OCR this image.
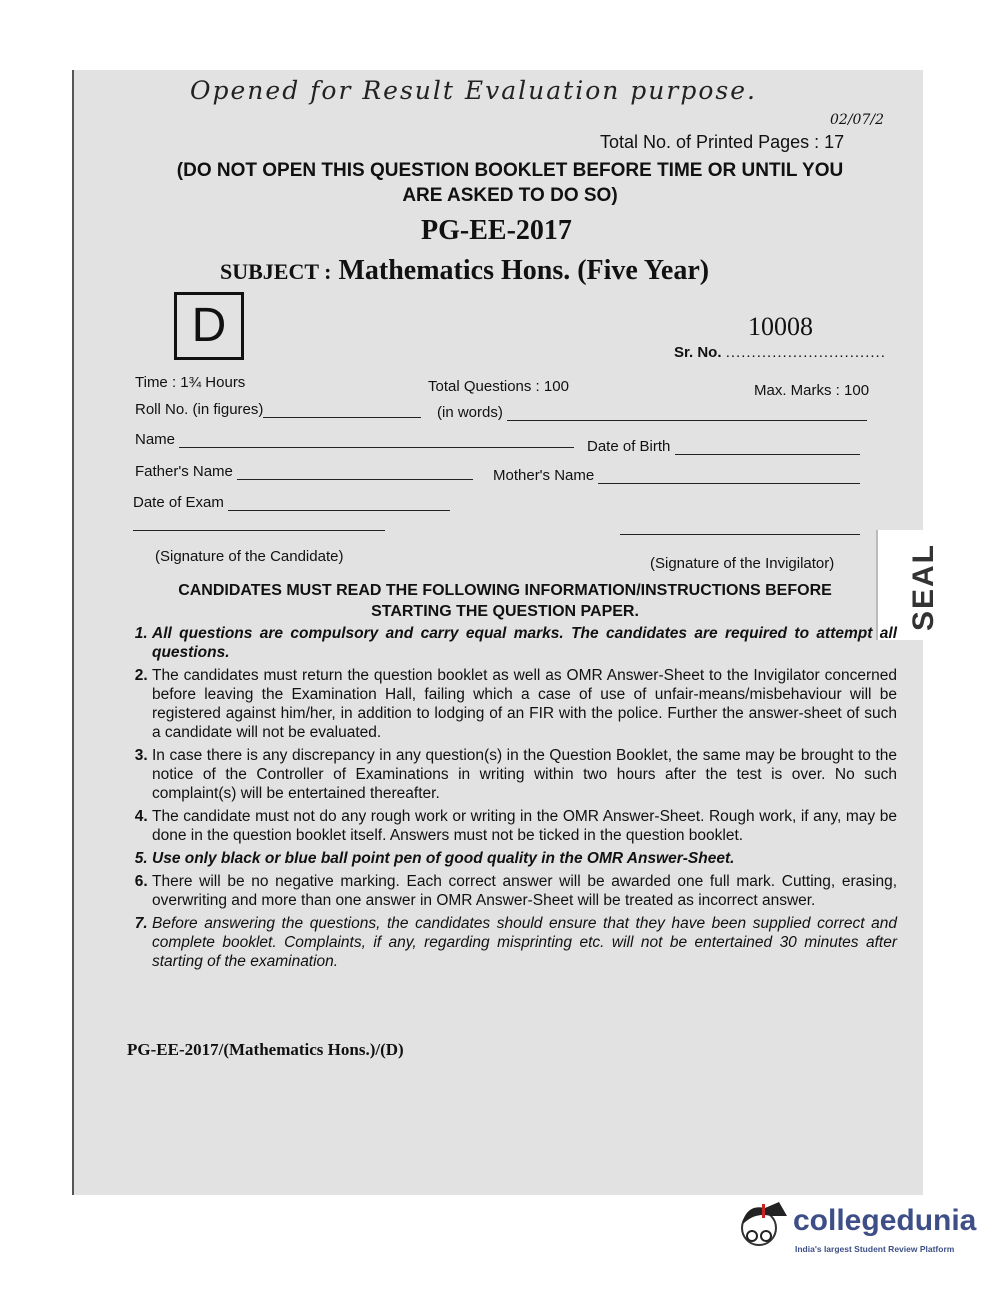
Opened for Result Evaluation purpose.
02/07/2
Total No. of Printed Pages : 17
(DO NOT OPEN THIS QUESTION BOOKLET BEFORE TIME OR UNTIL YOU
ARE ASKED TO DO SO)
PG-EE-2017
SUBJECT : Mathematics Hons. (Five Year)
D	10008
Sr. No. ...............................
Time : 1¾ Hours	Total Questions : 100	Max. Marks : 100
Roll No. (in figures)	(in words)
Name	Date of Birth
Father's Name	Mother's Name
Date of Exam
(Signature of the Candidate)	(Signature of the Invigilator) SEAL
CANDIDATES MUST READ THE FOLLOWING INFORMATION/INSTRUCTIONS BEFORE
STARTING THE QUESTION PAPER.
1. All questions are compulsory and carry equal marks. The candidates are required to attempt all questions.
2. The candidates must return the question booklet as well as OMR Answer-Sheet to the Invigilator concerned before leaving the Examination Hall, failing which a case of use of unfair-means/misbehaviour will be registered against him/her, in addition to lodging of an FIR with the police. Further the answer-sheet of such a candidate will not be evaluated.
3. In case there is any discrepancy in any question(s) in the Question Booklet, the same may be brought to the notice of the Controller of Examinations in writing within two hours after the test is over. No such complaint(s) will be entertained thereafter.
4. The candidate must not do any rough work or writing in the OMR Answer-Sheet. Rough work, if any, may be done in the question booklet itself. Answers must not be ticked in the question booklet.
5. Use only black or blue ball point pen of good quality in the OMR Answer-Sheet.
6. There will be no negative marking. Each correct answer will be awarded one full mark. Cutting, erasing, overwriting and more than one answer in OMR Answer-Sheet will be treated as incorrect answer.
7. Before answering the questions, the candidates should ensure that they have been supplied correct and complete booklet. Complaints, if any, regarding misprinting etc. will not be entertained 30 minutes after starting of the examination.
PG-EE-2017/(Mathematics Hons.)/(D)
collegedunia
India's largest Student Review Platform
